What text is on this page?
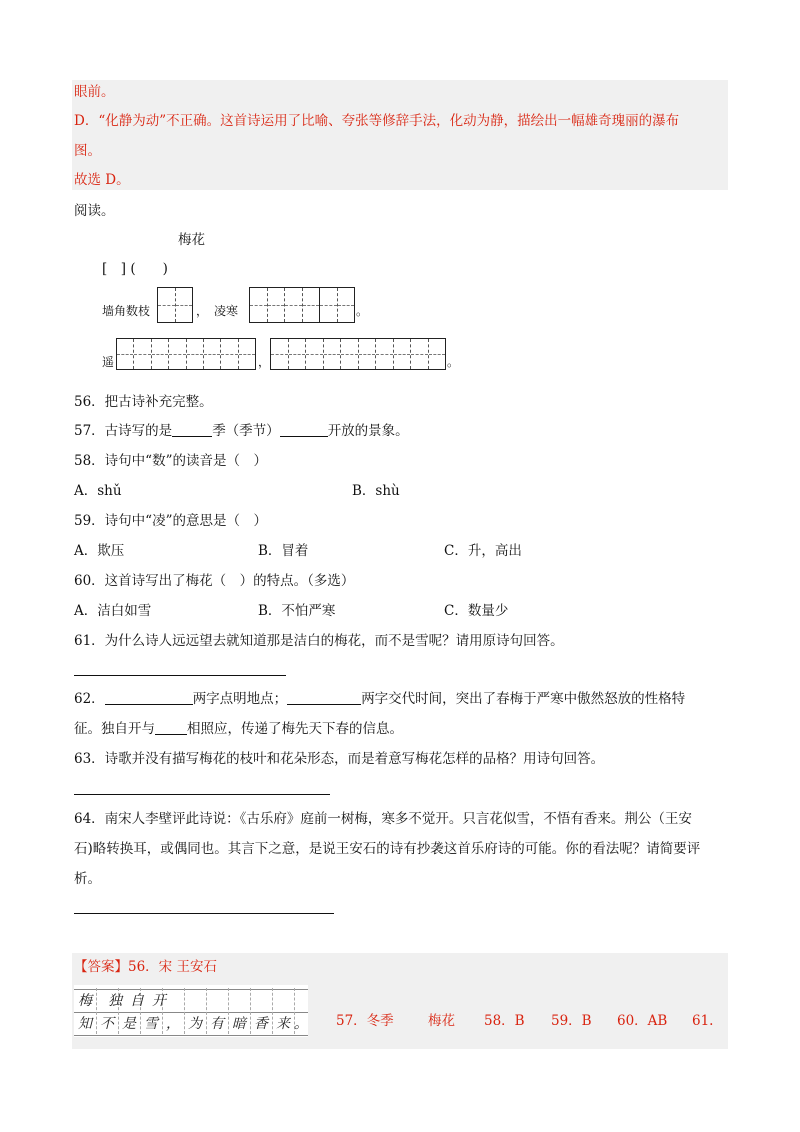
眼前。
D．“化静为动”不正确。这首诗运用了比喻、夸张等修辞手法，化动为静，描绘出一幅雄奇瑰丽的瀑布
图。
故选 D。
阅读。
梅花
[　] (　　)
墙角数枝	，　凌寒	。
遥	，	。
56．把古诗补充完整。
57．古诗写的是	季（季节）	开放的景象。
58．诗句中“数”的读音是（　）
A．shǔ	B．shù
59．诗句中“凌”的意思是（　）
A．欺压	B．冒着	C．升，高出
60．这首诗写出了梅花（　）的特点。（多选）
A．洁白如雪	B．不怕严寒	C．数量少
61．为什么诗人远远望去就知道那是洁白的梅花，而不是雪呢？请用原诗句回答。
62．	两字点明地点；	两字交代时间，突出了春梅于严寒中傲然怒放的性格特
征。独自开与 相照应，传递了梅先天下春的信息。
63．诗歌并没有描写梅花的枝叶和花朵形态，而是着意写梅花怎样的品格？用诗句回答。
64．南宋人李壁评此诗说：《古乐府》庭前一树梅，寒多不觉开。只言花似雪，不悟有香来。荆公（王安
石)略转换耳，或偶同也。其言下之意，是说王安石的诗有抄袭这首乐府诗的可能。你的看法呢？请简要评
析。
【答案】56．宋 王安石
梅 独 自 开
知 不 是 雪 ， 为 有 暗 香 来 。 57．冬季	梅花 58．B 59．B 60．AB 61.
